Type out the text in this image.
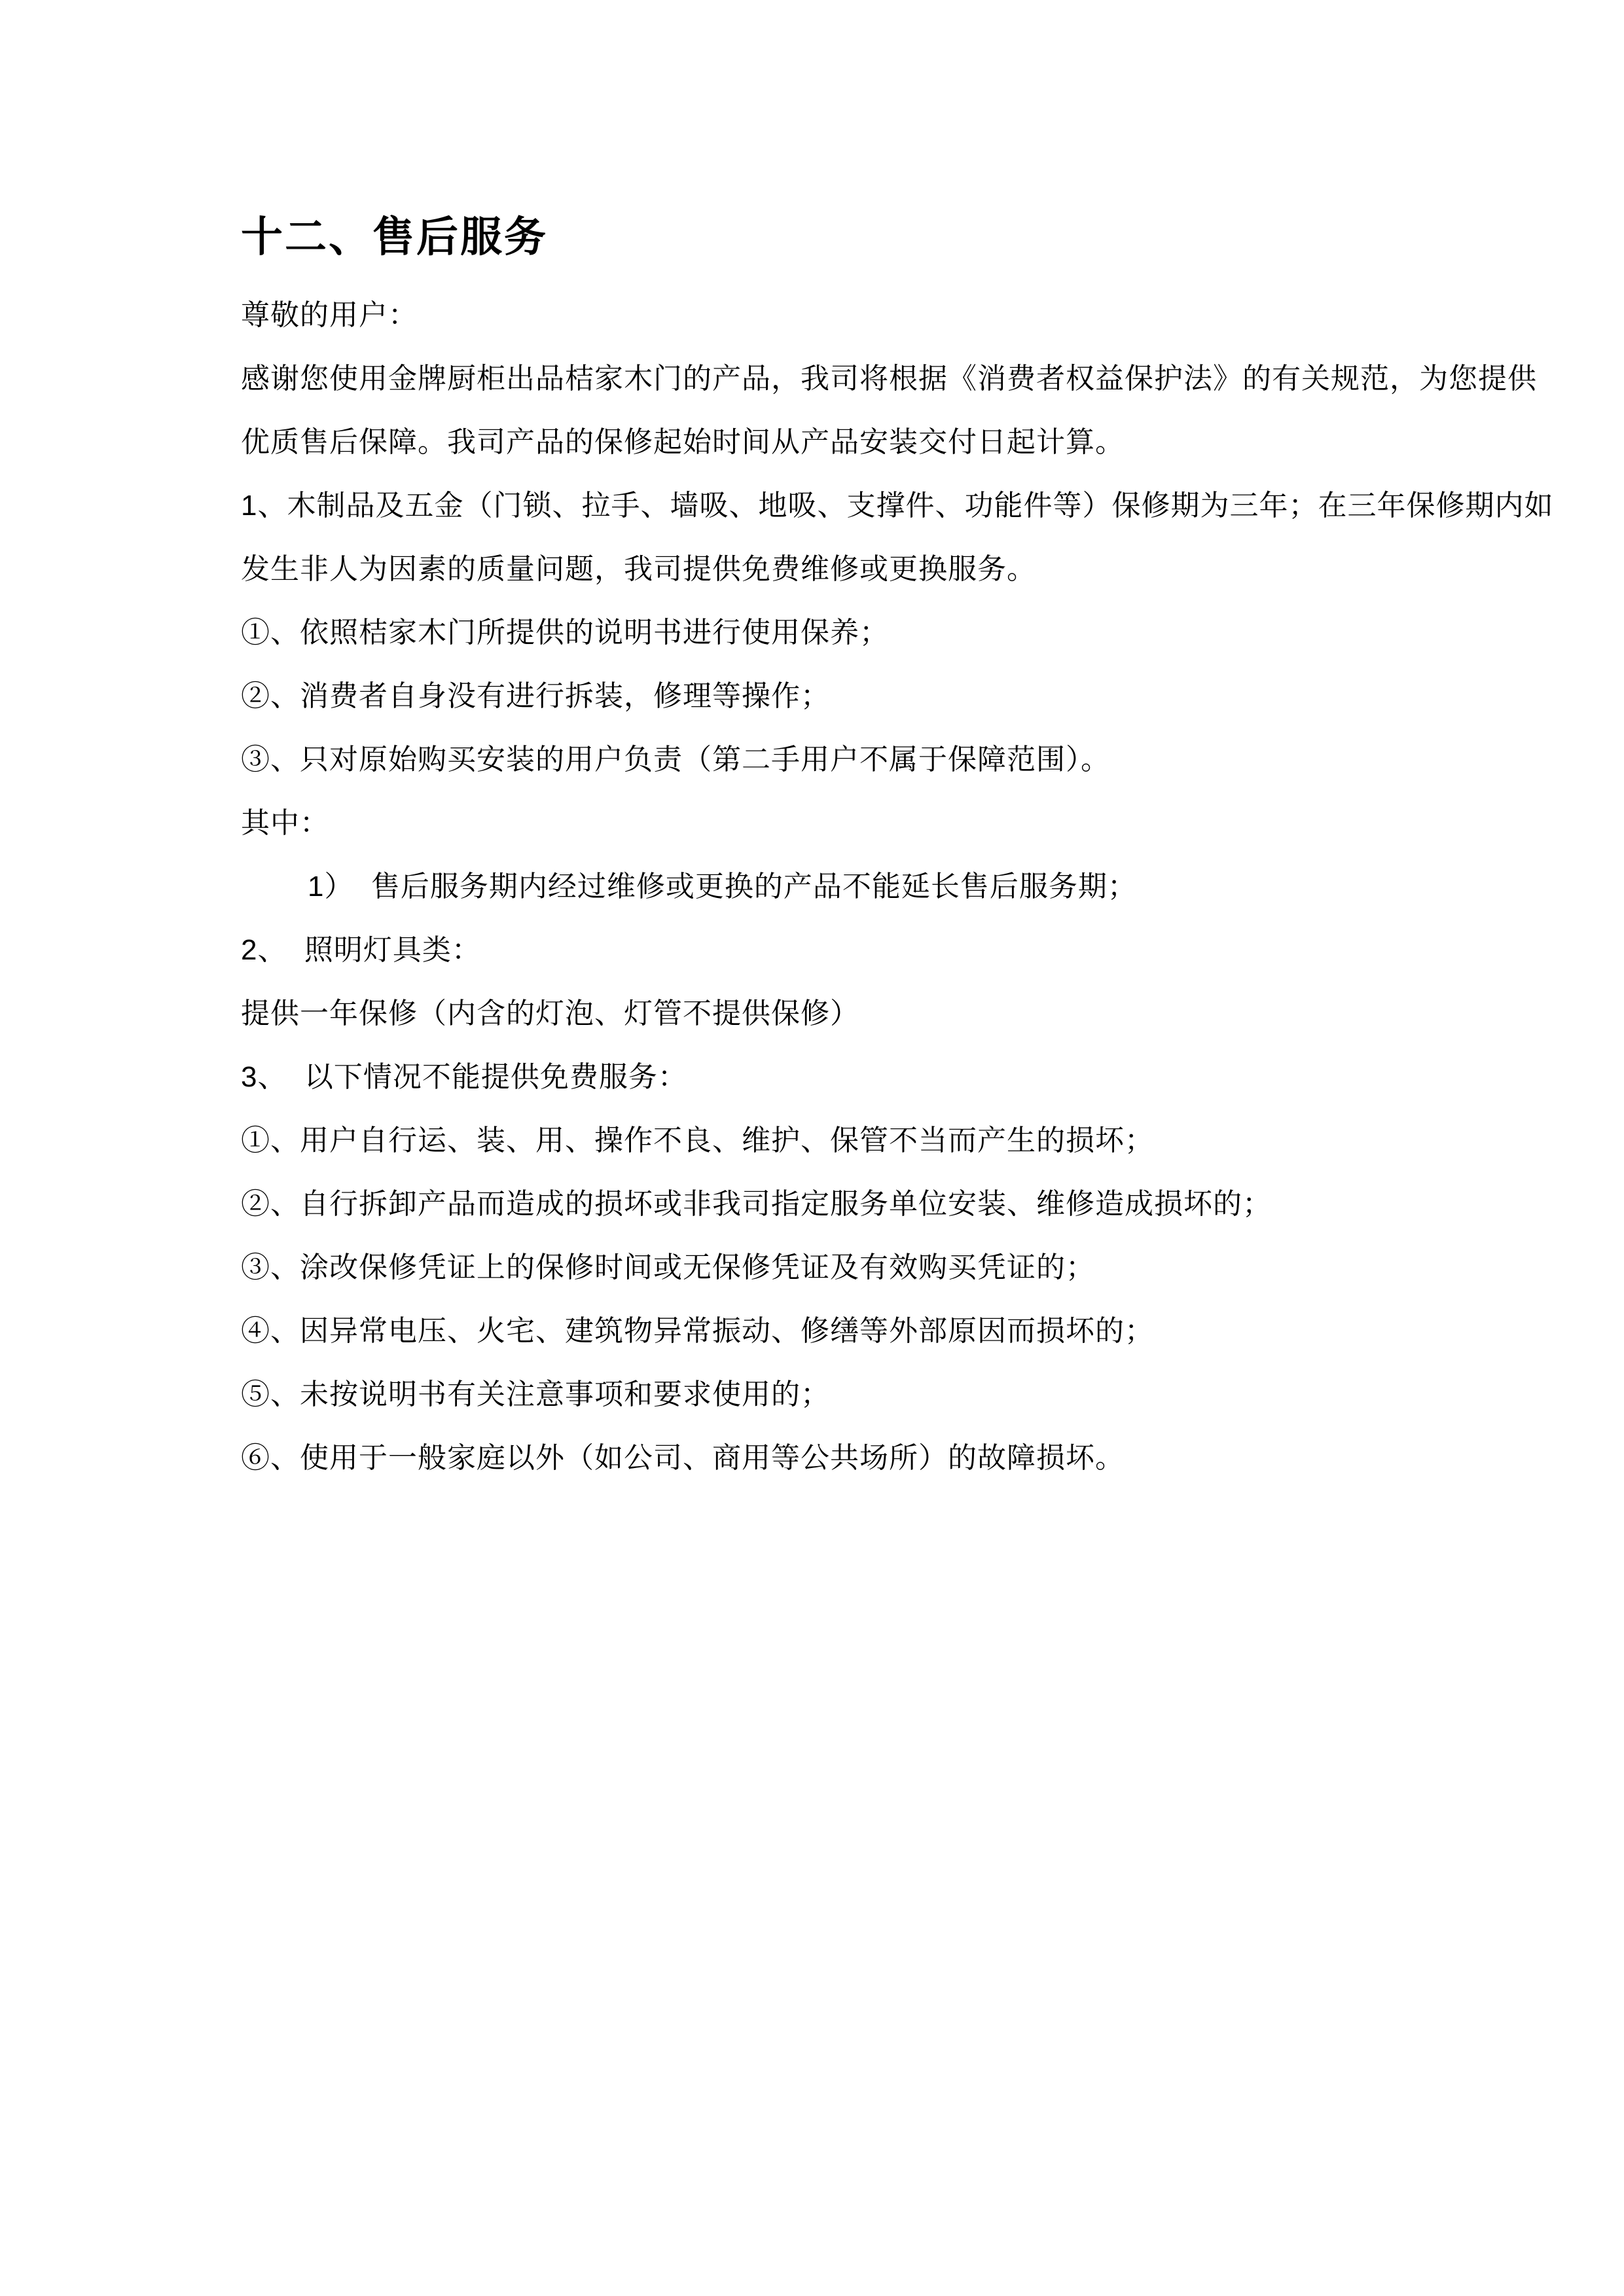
十二、售后服务
尊敬的用户：
感谢您使用金牌厨柜出品桔家木门的产品，我司将根据《消费者权益保护法》的有关规范，为您提供
优质售后保障。我司产品的保修起始时间从产品安装交付日起计算。
1、木制品及五金（门锁、拉手、墙吸、地吸、支撑件、功能件等）保修期为三年；在三年保修期内如
发生非人为因素的质量问题，我司提供免费维修或更换服务。
①、依照桔家木门所提供的说明书进行使用保养；
②、消费者自身没有进行拆装，修理等操作；
③、只对原始购买安装的用户负责（第二手用户不属于保障范围）。
其中：
1）  售后服务期内经过维修或更换的产品不能延长售后服务期；
2、  照明灯具类：
提供一年保修（内含的灯泡、灯管不提供保修）
3、  以下情况不能提供免费服务：
①、用户自行运、装、用、操作不良、维护、保管不当而产生的损坏；
②、自行拆卸产品而造成的损坏或非我司指定服务单位安装、维修造成损坏的；
③、涂改保修凭证上的保修时间或无保修凭证及有效购买凭证的；
④、因异常电压、火宅、建筑物异常振动、修缮等外部原因而损坏的；
⑤、未按说明书有关注意事项和要求使用的；
⑥、使用于一般家庭以外（如公司、商用等公共场所）的故障损坏。
